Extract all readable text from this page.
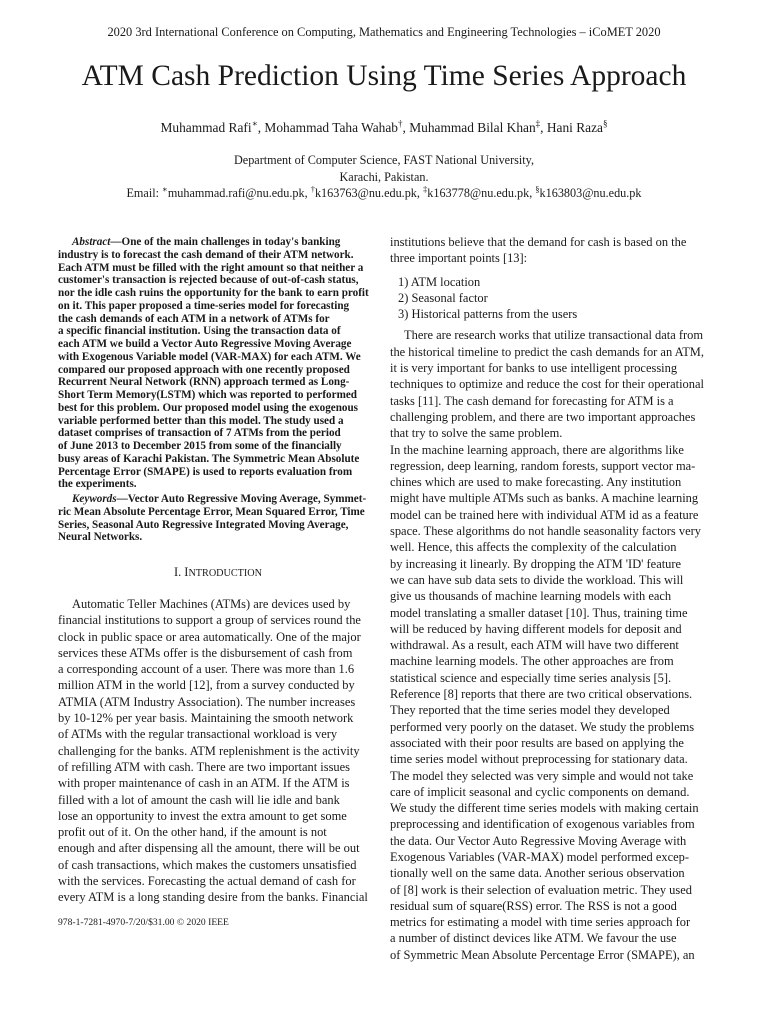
2020 3rd International Conference on Computing, Mathematics and Engineering Technologies – iCoMET 2020
ATM Cash Prediction Using Time Series Approach
Muhammad Rafi∗, Mohammad Taha Wahab†, Muhammad Bilal Khan‡, Hani Raza§
Department of Computer Science, FAST National University,
Karachi, Pakistan.
Email: ∗muhammad.rafi@nu.edu.pk, †k163763@nu.edu.pk, ‡k163778@nu.edu.pk, §k163803@nu.edu.pk
Abstract—One of the main challenges in today's banking
industry is to forecast the cash demand of their ATM network.
Each ATM must be filled with the right amount so that neither a
customer's transaction is rejected because of out-of-cash status,
nor the idle cash ruins the opportunity for the bank to earn profit
on it. This paper proposed a time-series model for forecasting
the cash demands of each ATM in a network of ATMs for
a specific financial institution. Using the transaction data of
each ATM we build a Vector Auto Regressive Moving Average
with Exogenous Variable model (VAR-MAX) for each ATM. We
compared our proposed approach with one recently proposed
Recurrent Neural Network (RNN) approach termed as Long-
Short Term Memory(LSTM) which was reported to performed
best for this problem. Our proposed model using the exogenous
variable performed better than this model. The study used a
dataset comprises of transaction of 7 ATMs from the period
of June 2013 to December 2015 from some of the financially
busy areas of Karachi Pakistan. The Symmetric Mean Absolute
Percentage Error (SMAPE) is used to reports evaluation from
the experiments.
Keywords—Vector Auto Regressive Moving Average, Symmet-
ric Mean Absolute Percentage Error, Mean Squared Error, Time
Series, Seasonal Auto Regressive Integrated Moving Average,
Neural Networks.
I. INTRODUCTION
Automatic Teller Machines (ATMs) are devices used by
financial institutions to support a group of services round the
clock in public space or area automatically. One of the major
services these ATMs offer is the disbursement of cash from
a corresponding account of a user. There was more than 1.6
million ATM in the world [12], from a survey conducted by
ATMIA (ATM Industry Association). The number increases
by 10-12% per year basis. Maintaining the smooth network
of ATMs with the regular transactional workload is very
challenging for the banks. ATM replenishment is the activity
of refilling ATM with cash. There are two important issues
with proper maintenance of cash in an ATM. If the ATM is
filled with a lot of amount the cash will lie idle and bank
lose an opportunity to invest the extra amount to get some
profit out of it. On the other hand, if the amount is not
enough and after dispensing all the amount, there will be out
of cash transactions, which makes the customers unsatisfied
with the services. Forecasting the actual demand of cash for
every ATM is a long standing desire from the banks. Financial
institutions believe that the demand for cash is based on the
three important points [13]:
1) ATM location
2) Seasonal factor
3) Historical patterns from the users
There are research works that utilize transactional data from
the historical timeline to predict the cash demands for an ATM,
it is very important for banks to use intelligent processing
techniques to optimize and reduce the cost for their operational
tasks [11]. The cash demand for forecasting for ATM is a
challenging problem, and there are two important approaches
that try to solve the same problem.
In the machine learning approach, there are algorithms like
regression, deep learning, random forests, support vector ma-
chines which are used to make forecasting. Any institution
might have multiple ATMs such as banks. A machine learning
model can be trained here with individual ATM id as a feature
space. These algorithms do not handle seasonality factors very
well. Hence, this affects the complexity of the calculation
by increasing it linearly. By dropping the ATM 'ID' feature
we can have sub data sets to divide the workload. This will
give us thousands of machine learning models with each
model translating a smaller dataset [10]. Thus, training time
will be reduced by having different models for deposit and
withdrawal. As a result, each ATM will have two different
machine learning models. The other approaches are from
statistical science and especially time series analysis [5].
Reference [8] reports that there are two critical observations.
They reported that the time series model they developed
performed very poorly on the dataset. We study the problems
associated with their poor results are based on applying the
time series model without preprocessing for stationary data.
The model they selected was very simple and would not take
care of implicit seasonal and cyclic components on demand.
We study the different time series models with making certain
preprocessing and identification of exogenous variables from
the data. Our Vector Auto Regressive Moving Average with
Exogenous Variables (VAR-MAX) model performed excep-
tionally well on the same data. Another serious observation
of [8] work is their selection of evaluation metric. They used
residual sum of square(RSS) error. The RSS is not a good
metrics for estimating a model with time series approach for
a number of distinct devices like ATM. We favour the use
of Symmetric Mean Absolute Percentage Error (SMAPE), an
978-1-7281-4970-7/20/$31.00 © 2020 IEEE
